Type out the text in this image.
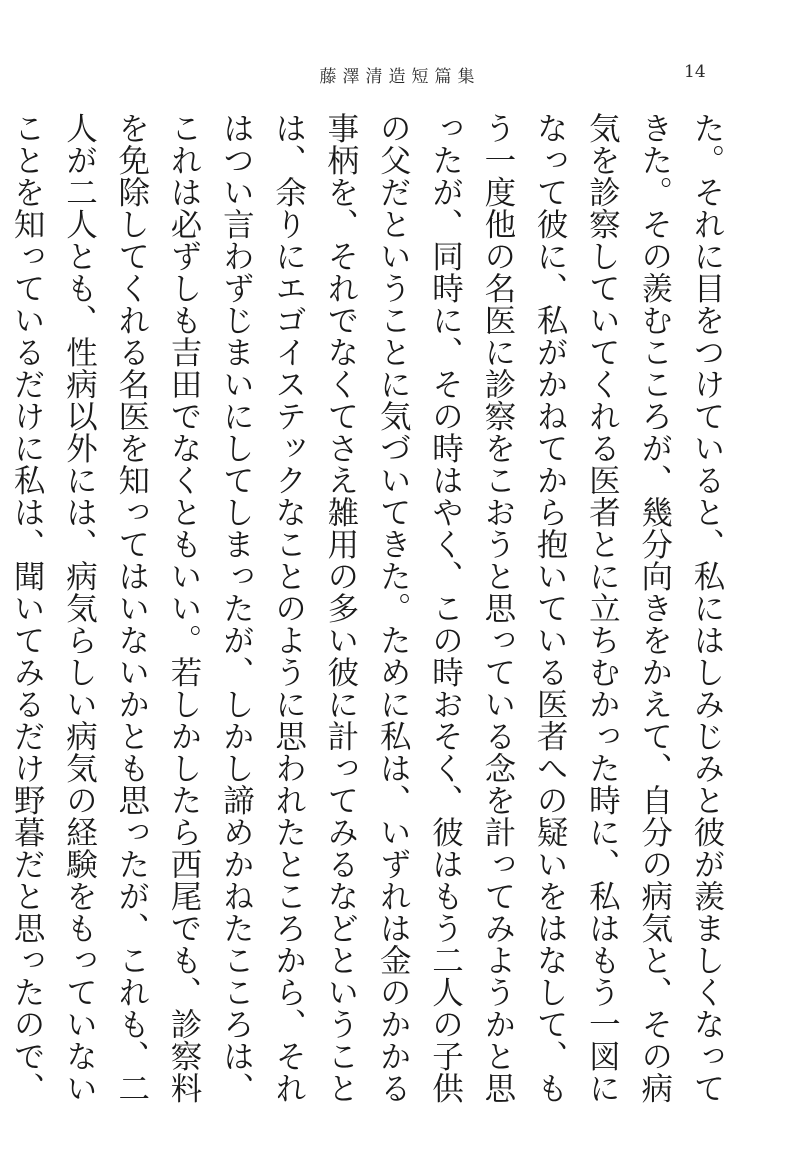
藤澤清造短篇集	14

た。それに目をつけていると、私にはしみじみと彼が羨ましくなってきた。その羨むこころが、幾分向きをかえて、自分の病気と、その病気を診察していてくれる医者とに立ちむかった時に、私はもう一図になって彼に、私がかねてから抱いている医者への疑いをはなして、もう一度他の名医に診察をこおうと思っている念を計ってみようかと思ったが、同時に、その時はやく、この時おそく、彼はもう二人の子供の父だということに気づいてきた。ために私は、いずれは金のかかる事柄を、それでなくてさえ雑用の多い彼に計ってみるなどということは、余りにエゴイステックなことのように思われたところから、それはつい言わずじまいにしてしまったが、しかし諦めかねたこころは、これは必ずしも吉田でなくともいい。若しかしたら西尾でも、診察料を免除してくれる名医を知ってはいないかとも思ったが、これも、二人が二人とも、性病以外には、病気らしい病気の経験をもっていないことを知っているだけに私は、聞いてみるだけ野暮だと思ったので、
